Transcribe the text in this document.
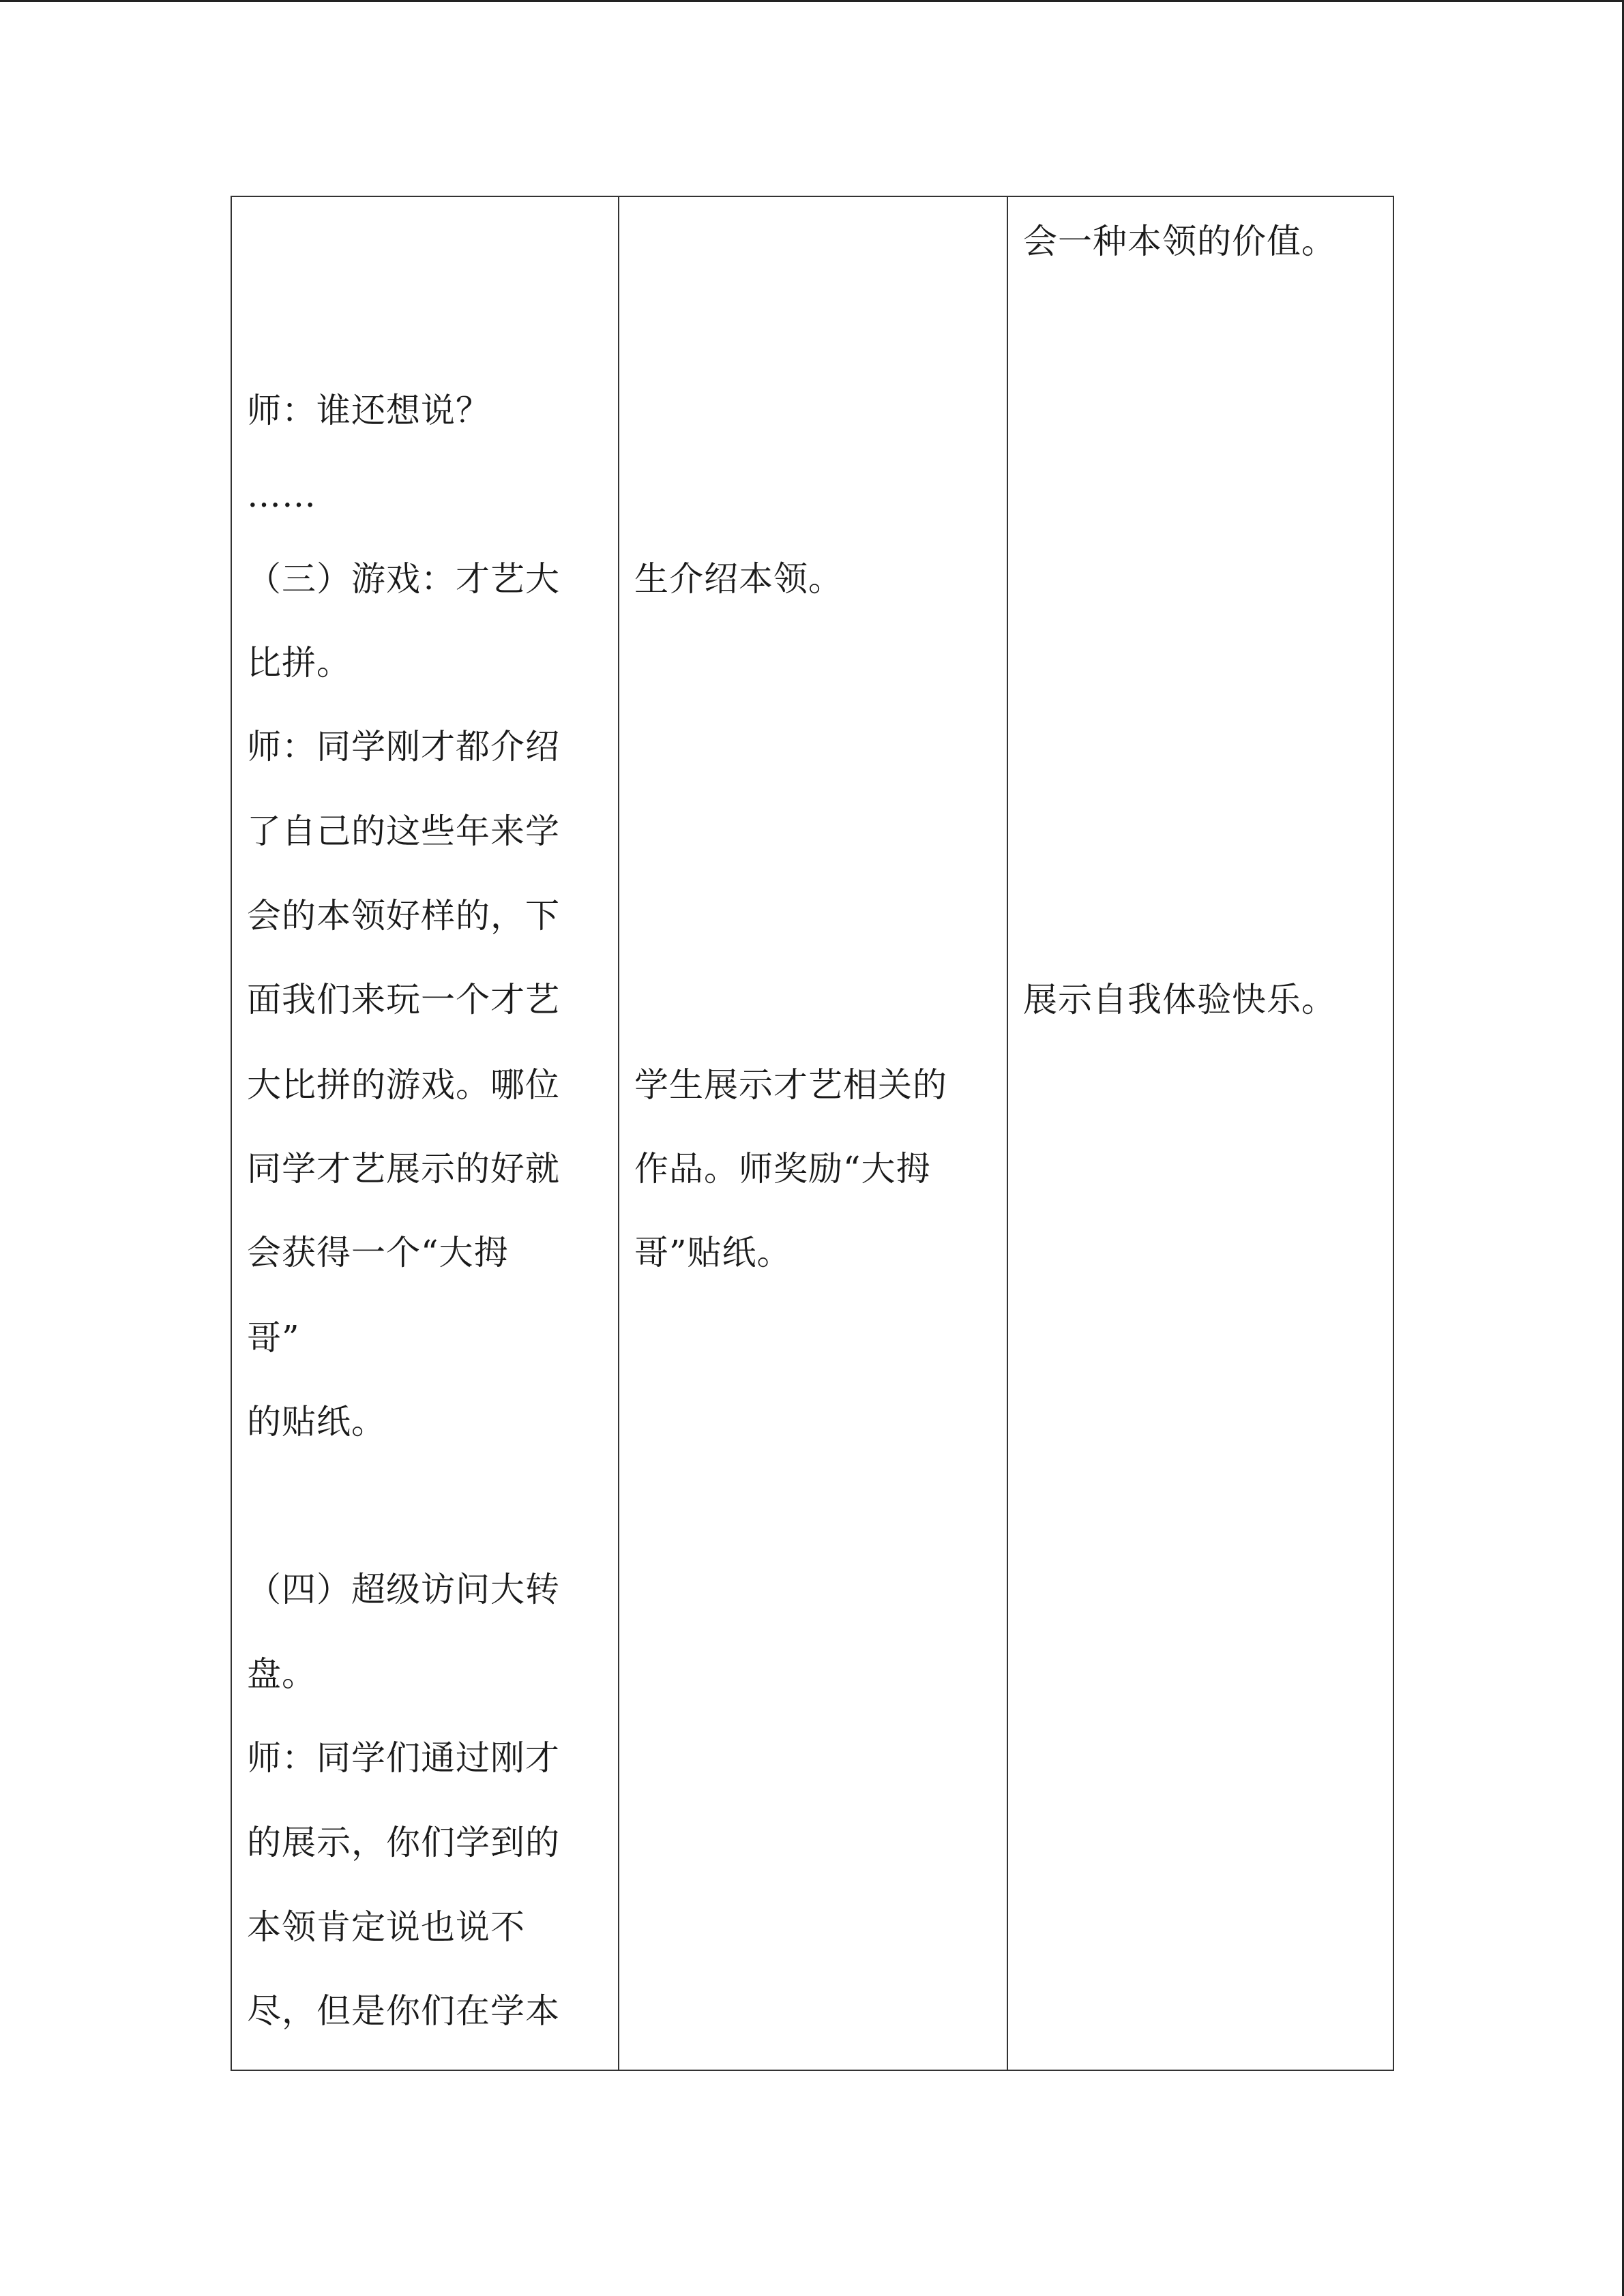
师：谁还想说？
……
（三）游戏：才艺大
比拼。
师：同学刚才都介绍
了自己的这些年来学
会的本领好样的，下
面我们来玩一个才艺
大比拼的游戏。哪位
同学才艺展示的好就
会获得一个“大拇
哥”
的贴纸。
（四）超级访问大转
盘。
师：同学们通过刚才
的展示，你们学到的
本领肯定说也说不
尽，但是你们在学本
生介绍本领。
学生展示才艺相关的
作品。师奖励“大拇
哥”贴纸。
会一种本领的价值。
展示自我体验快乐。
